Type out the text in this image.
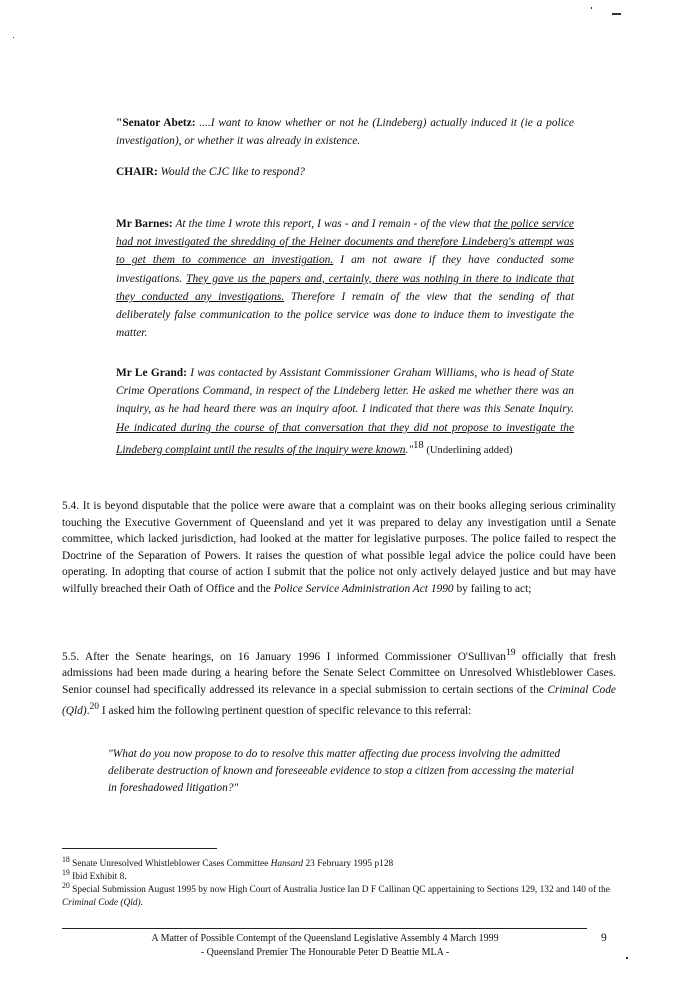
"Senator Abetz: ....I want to know whether or not he (Lindeberg) actually induced it (ie a police investigation), or whether it was already in existence.

CHAIR: Would the CJC like to respond?

Mr Barnes: At the time I wrote this report, I was - and I remain - of the view that the police service had not investigated the shredding of the Heiner documents and therefore Lindeberg's attempt was to get them to commence an investigation. I am not aware if they have conducted some investigations. They gave us the papers and, certainly, there was nothing in there to indicate that they conducted any investigations. Therefore I remain of the view that the sending of that deliberately false communication to the police service was done to induce them to investigate the matter.

Mr Le Grand: I was contacted by Assistant Commissioner Graham Williams, who is head of State Crime Operations Command, in respect of the Lindeberg letter. He asked me whether there was an inquiry, as he had heard there was an inquiry afoot. I indicated that there was this Senate Inquiry. He indicated during the course of that conversation that they did not propose to investigate the Lindeberg complaint until the results of the inquiry were known."$^{18}$ (Underlining added)

5.4. It is beyond disputable that the police were aware that a complaint was on their books alleging serious criminality touching the Executive Government of Queensland and yet it was prepared to delay any investigation until a Senate committee, which lacked jurisdiction, had looked at the matter for legislative purposes. The police failed to respect the Doctrine of the Separation of Powers. It raises the question of what possible legal advice the police could have been operating. In adopting that course of action I submit that the police not only actively delayed justice and but may have wilfully breached their Oath of Office and the Police Service Administration Act 1990 by failing to act;

5.5. After the Senate hearings, on 16 January 1996 I informed Commissioner O'Sullivan$^{19}$ officially that fresh admissions had been made during a hearing before the Senate Select Committee on Unresolved Whistleblower Cases. Senior counsel had specifically addressed its relevance in a special submission to certain sections of the Criminal Code (Qld).$^{20}$ I asked him the following pertinent question of specific relevance to this referral:

"What do you now propose to do to resolve this matter affecting due process involving the admitted deliberate destruction of known and foreseeable evidence to stop a citizen from accessing the material in foreshadowed litigation?"

$^{18}$ Senate Unresolved Whistleblower Cases Committee Hansard 23 February 1995 p128

$^{19}$ Ibid Exhibit 8.

$^{20}$ Special Submission August 1995 by now High Court of Australia Justice Ian D F Callinan QC appertaining to Sections 129, 132 and 140 of the Criminal Code (Qld).

A Matter of Possible Contempt of the Queensland Legislative Assembly 4 March 1999

- Queensland Premier The Honourable Peter D Beattie MLA -

9
